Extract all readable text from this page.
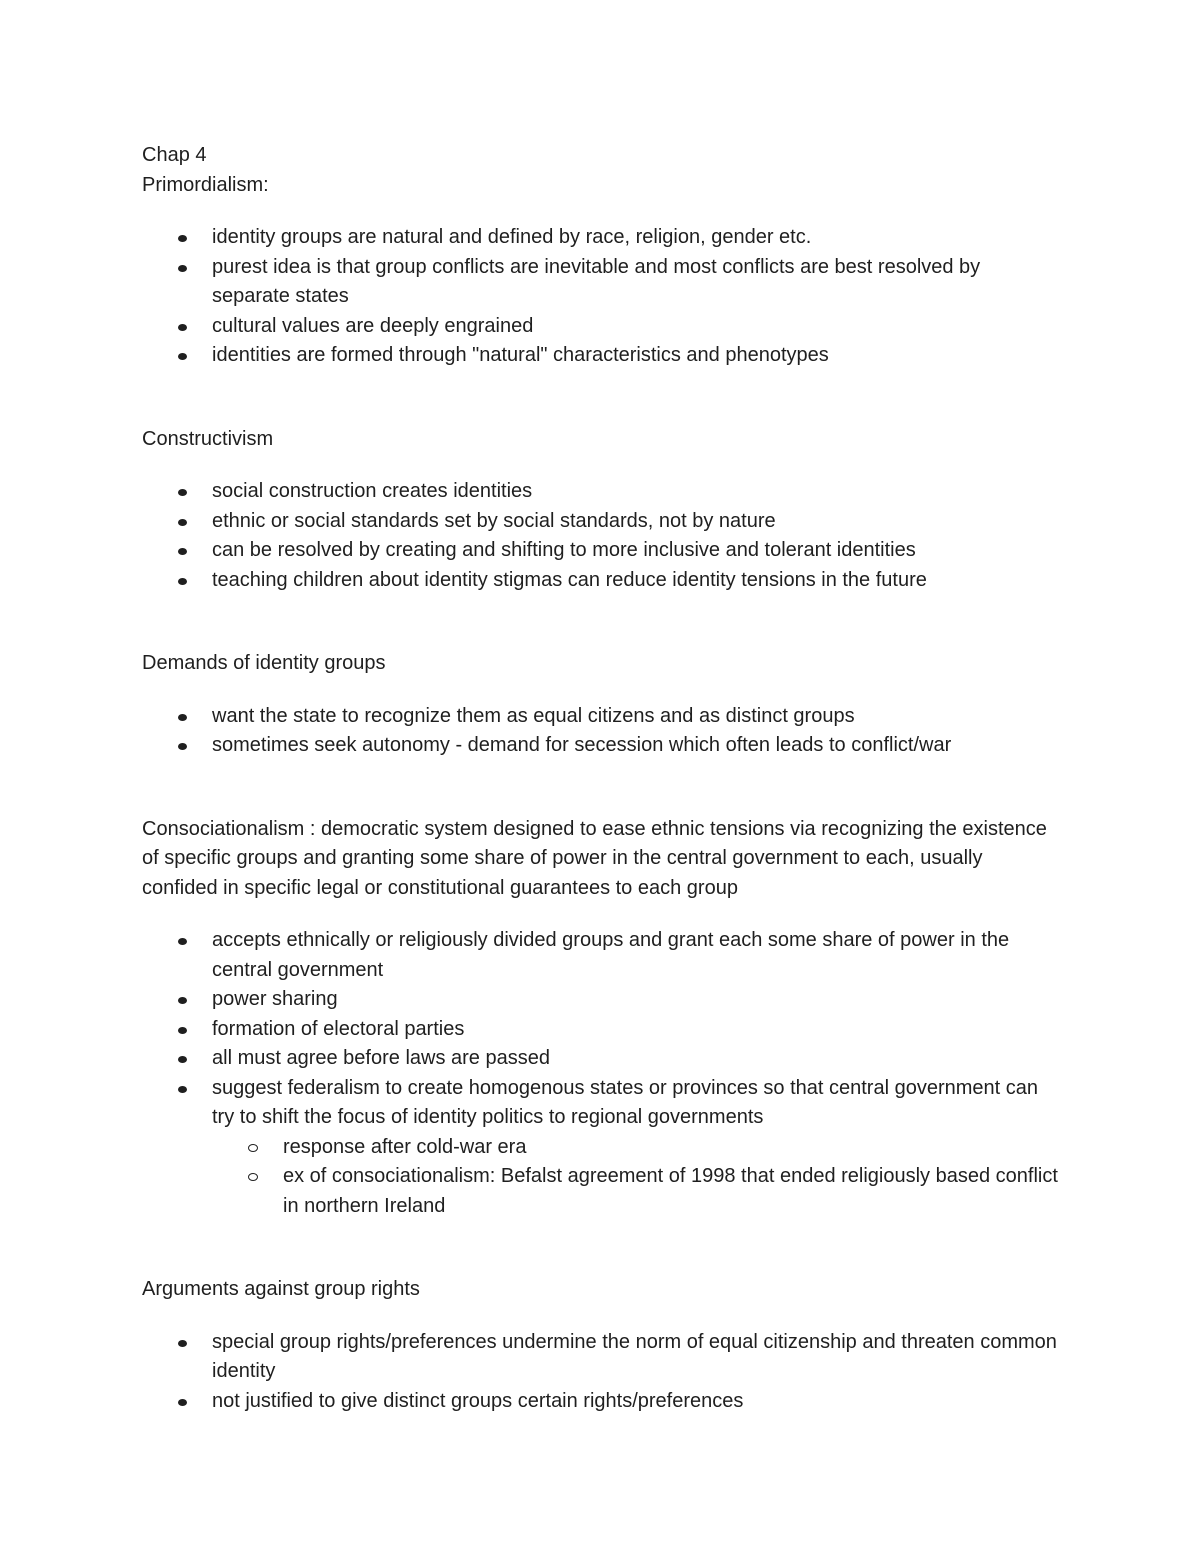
Chap 4

Primordialism:

identity groups are natural and defined by race, religion, gender etc.
purest idea is that group conflicts are inevitable and most conflicts are best resolved by separate states
cultural values are deeply engrained
identities are formed through "natural" characteristics and phenotypes

Constructivism

social construction creates identities
ethnic or social standards set by social standards, not by nature
can be resolved by creating and shifting to more inclusive and tolerant identities
teaching children about identity stigmas can reduce identity tensions in the future

Demands of identity groups

want the state to recognize them as equal citizens and as distinct groups
sometimes seek autonomy - demand for secession which often leads to conflict/war

Consociationalism : democratic system designed to ease ethnic tensions via recognizing the existence of specific groups and granting some share of power in the central government to each, usually confided in specific legal or constitutional guarantees to each group

accepts ethnically or religiously divided groups and grant each some share of power in the central government
power sharing
formation of electoral parties
all must agree before laws are passed
suggest federalism to create homogenous states or provinces so that central government can try to shift the focus of identity politics to regional governments
response after cold-war era
ex of consociationalism: Befalst agreement of 1998 that ended religiously based conflict in northern Ireland

Arguments against group rights

special group rights/preferences undermine the norm of equal citizenship and threaten common identity
not justified to give distinct groups certain rights/preferences
